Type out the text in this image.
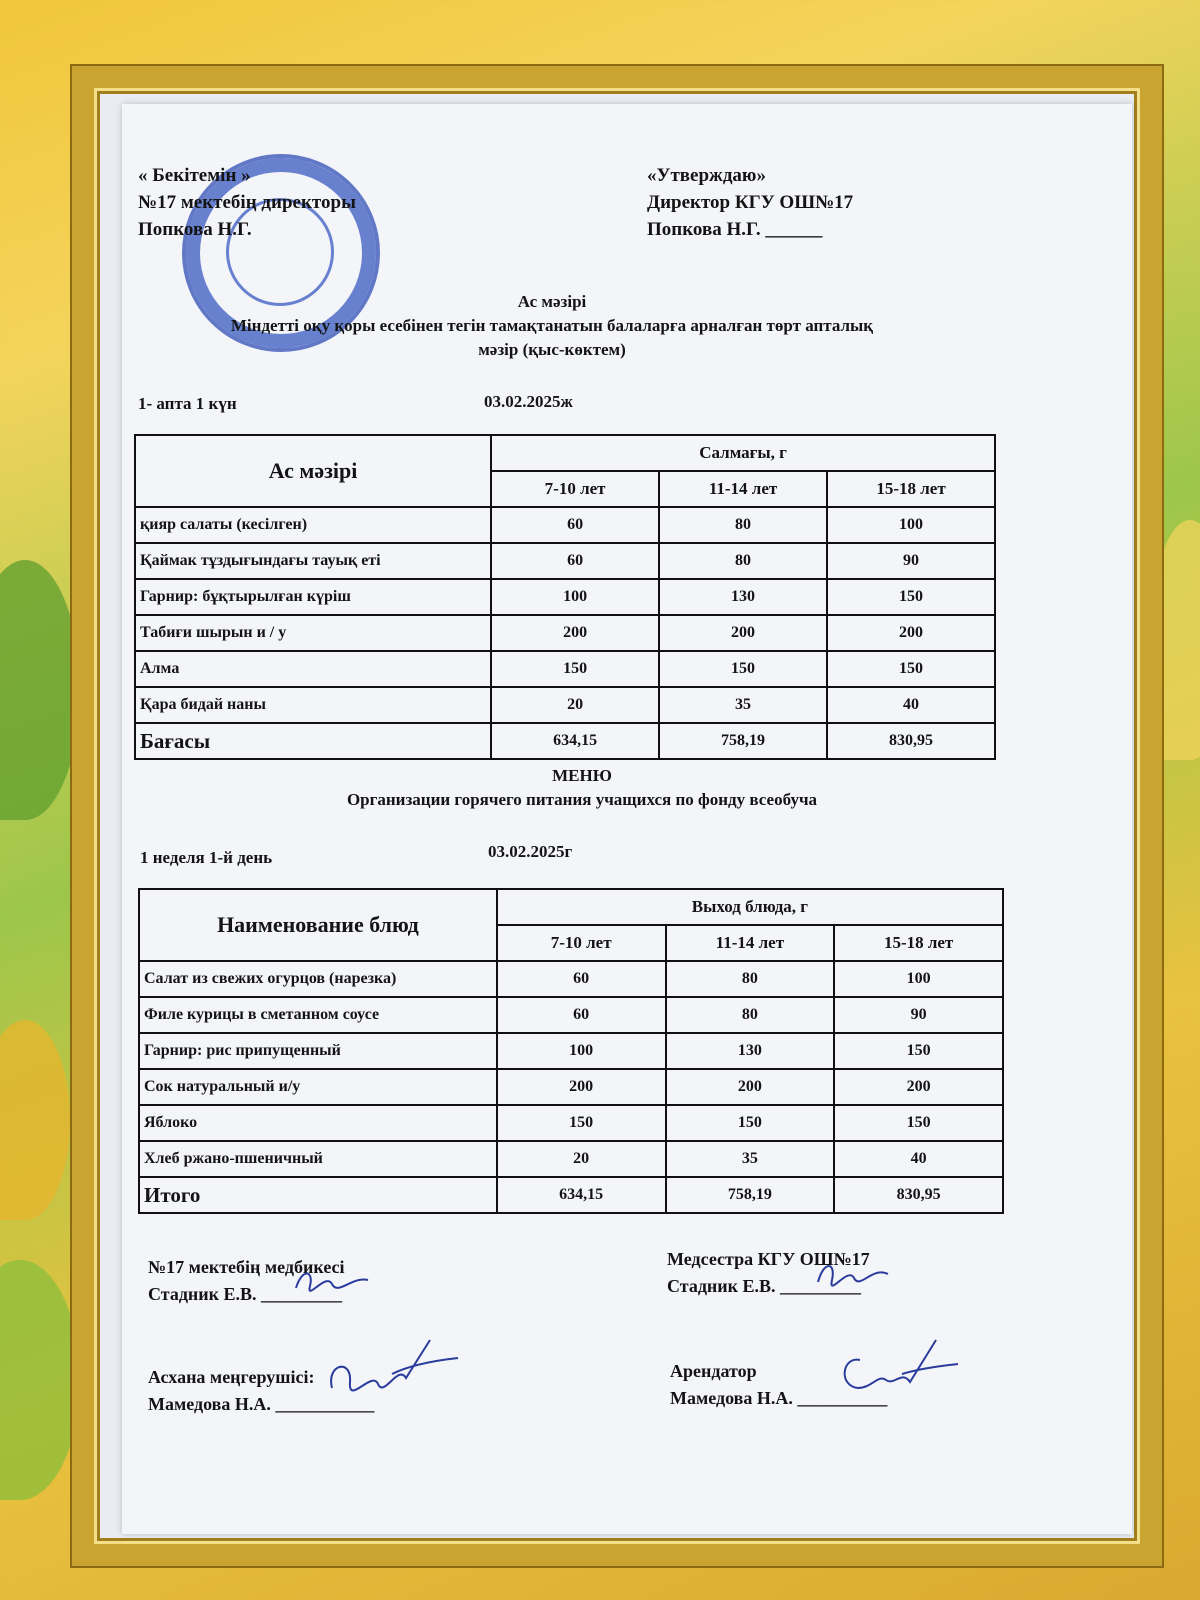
« Бекітемін »
№17 мектебің директоры
Попкова Н.Г.
«Утверждаю»
Директор КГУ ОШ№17
Попкова Н.Г. ______
Ас мәзірі
Міндетті оқу қоры есебінен тегін тамақтанатын балаларға арналған төрт апталық
мәзір (қыс-көктем)
1- апта 1 күн	03.02.2025ж
Ас мәзірі	Салмағы, г		
	7-10 лет	11-14 лет	15-18 лет
қияр салаты (кесілген)	60	80	100
Қаймак тұздығындағы тауық еті	60	80	90
Гарнир: бұқтырылған күріш	100	130	150
Табиғи шырын и / у	200	200	200
Алма	150	150	150
Қара бидай наны	20	35	40
Бағасы	634,15	758,19	830,95
МЕНЮ
Организации горячего питания учащихся по фонду всеобуча
1 неделя 1-й день	03.02.2025г
Наименование блюд	Выход блюда, г		
	7-10 лет	11-14 лет	15-18 лет
Салат из свежих огурцов (нарезка)	60	80	100
Филе курицы в сметанном соусе	60	80	90
Гарнир: рис припущенный	100	130	150
Сок натуральный и/у	200	200	200
Яблоко	150	150	150
Хлеб ржано-пшеничный	20	35	40
Итого	634,15	758,19	830,95
№17 мектебің медбикесі
Стадник Е.В. _________
Медсестра КГУ ОШ№17
Стадник Е.В. _________
Асхана меңгерушісі:
Мамедова Н.А. ___________
Арендатор
Мамедова Н.А. __________
